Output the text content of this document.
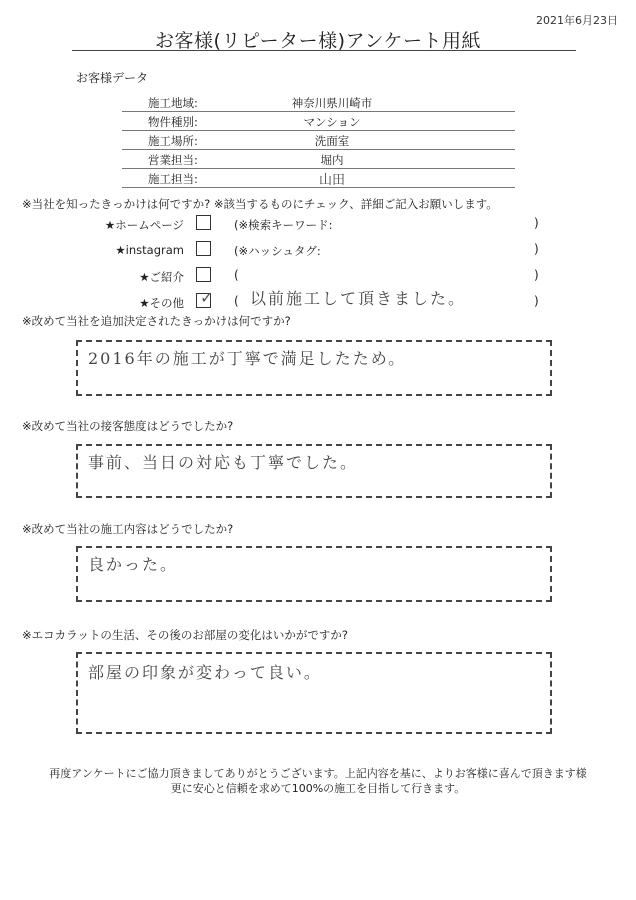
2021年6月23日
お客様(リピーター様)アンケート用紙
お客様データ
施工地域:	神奈川県川崎市
物件種別:	マンション
施工場所:	洗面室
営業担当:	堀内
施工担当:	山田
※当社を知ったきっかけは何ですか? ※該当するものにチェック、詳細ご記入お願いします。
★ホームページ	(※検索キーワード:	)
★instagram	(※ハッシュタグ:	)
★ご紹介	(	)
★その他 ✓ ( 以前施工して頂きました。	)
※改めて当社を追加決定されたきっかけは何ですか?
2016年の施工が丁寧で満足したため。
※改めて当社の接客態度はどうでしたか?
事前、当日の対応も丁寧でした。
※改めて当社の施工内容はどうでしたか?
良かった。
※エコカラットの生活、その後のお部屋の変化はいかがですか?
部屋の印象が変わって良い。
再度アンケートにご協力頂きましてありがとうございます。上記内容を基に、よりお客様に喜んで頂きます様
更に安心と信頼を求めて100%の施工を目指して行きます。
